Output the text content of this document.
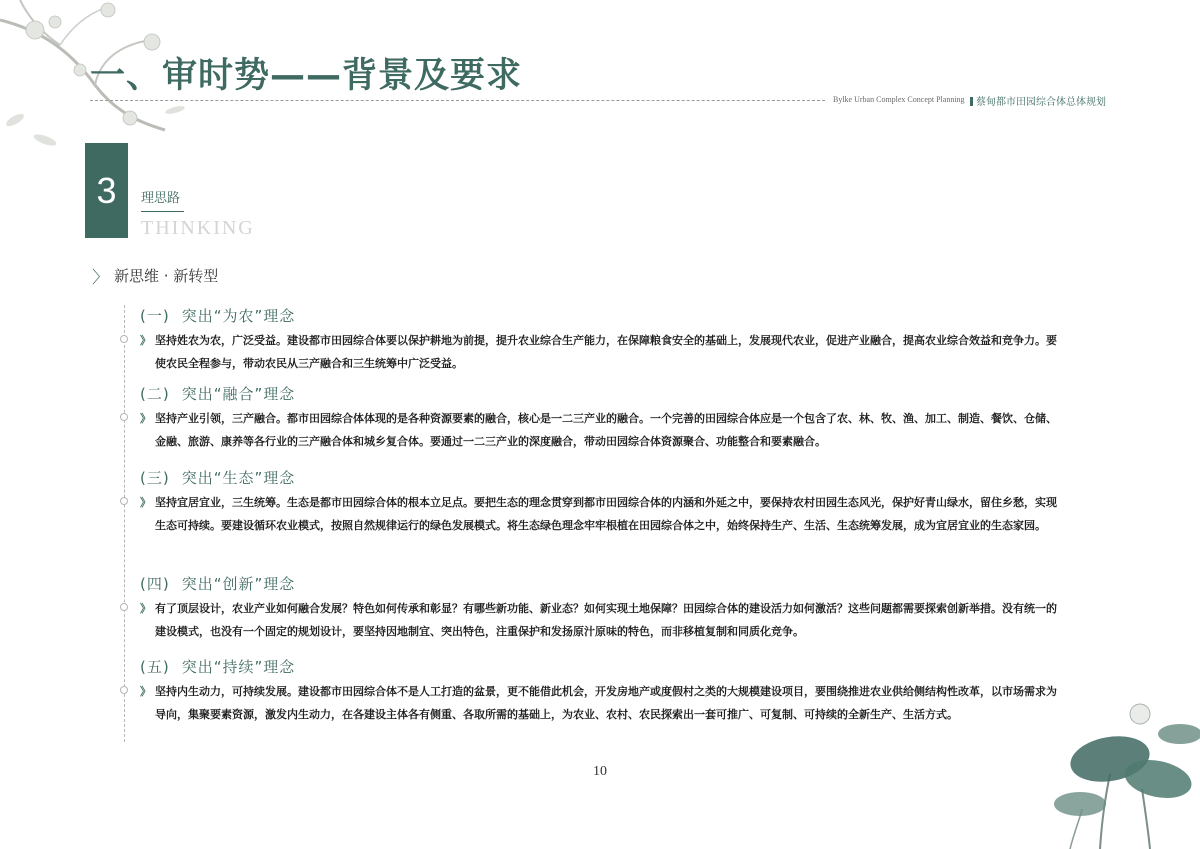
一、审时势——背景及要求
Bylke Urban Complex Concept Planning	蔡甸都市田园综合体总体规划
3	理思路
THINKING
〉 新思维 · 新转型
(一) 突出“为农”理念
》 坚持姓农为农，广泛受益。建设都市田园综合体要以保护耕地为前提，提升农业综合生产能力，在保障粮食安全的基础上，发展现代农业，促进产业融合，提高农业综合效益和竞争力。要使农民全程参与，带动农民从三产融合和三生统筹中广泛受益。
(二) 突出“融合”理念
》 坚持产业引领，三产融合。都市田园综合体体现的是各种资源要素的融合，核心是一二三产业的融合。一个完善的田园综合体应是一个包含了农、林、牧、渔、加工、制造、餐饮、仓储、金融、旅游、康养等各行业的三产融合体和城乡复合体。要通过一二三产业的深度融合，带动田园综合体资源聚合、功能整合和要素融合。
(三) 突出“生态”理念
》 坚持宜居宜业，三生统筹。生态是都市田园综合体的根本立足点。要把生态的理念贯穿到都市田园综合体的内涵和外延之中，要保持农村田园生态风光，保护好青山绿水，留住乡愁，实现生态可持续。要建设循环农业模式，按照自然规律运行的绿色发展模式。将生态绿色理念牢牢根植在田园综合体之中，始终保持生产、生活、生态统筹发展，成为宜居宜业的生态家园。
(四) 突出“创新”理念
》 有了顶层设计，农业产业如何融合发展？特色如何传承和彰显？有哪些新功能、新业态？如何实现土地保障？田园综合体的建设活力如何激活？这些问题都需要探索创新举措。没有统一的建设模式，也没有一个固定的规划设计，要坚持因地制宜、突出特色，注重保护和发扬原汁原味的特色，而非移植复制和同质化竞争。
(五) 突出“持续”理念
》 坚持内生动力，可持续发展。建设都市田园综合体不是人工打造的盆景，更不能借此机会，开发房地产或度假村之类的大规模建设项目，要围绕推进农业供给侧结构性改革，以市场需求为导向，集聚要素资源，激发内生动力，在各建设主体各有侧重、各取所需的基础上，为农业、农村、农民探索出一套可推广、可复制、可持续的全新生产、生活方式。
10
